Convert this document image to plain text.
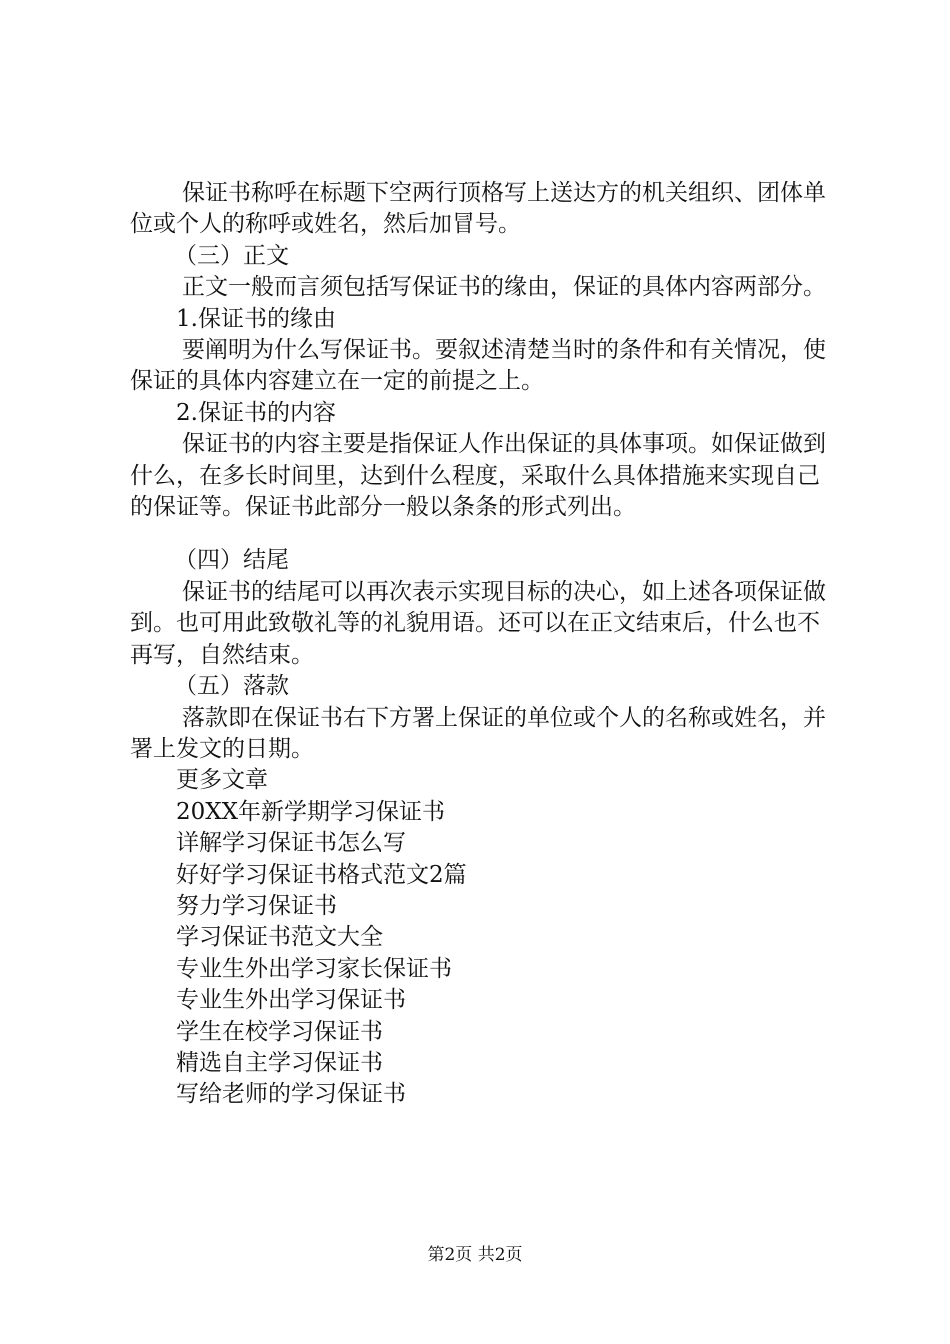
保证书称呼在标题下空两行顶格写上送达方的机关组织、团体单位或个人的称呼或姓名，然后加冒号。

（三）正文

正文一般而言须包括写保证书的缘由，保证的具体内容两部分。

1.保证书的缘由

要阐明为什么写保证书。要叙述清楚当时的条件和有关情况，使保证的具体内容建立在一定的前提之上。

2.保证书的内容

保证书的内容主要是指保证人作出保证的具体事项。如保证做到什么，在多长时间里，达到什么程度，采取什么具体措施来实现自己的保证等。保证书此部分一般以条条的形式列出。

（四）结尾

保证书的结尾可以再次表示实现目标的决心，如上述各项保证做到。也可用此致敬礼等的礼貌用语。还可以在正文结束后，什么也不再写，自然结束。

（五）落款

落款即在保证书右下方署上保证的单位或个人的名称或姓名，并署上发文的日期。

更多文章

20XX年新学期学习保证书

详解学习保证书怎么写

好好学习保证书格式范文2篇

努力学习保证书

学习保证书范文大全

专业生外出学习家长保证书

专业生外出学习保证书

学生在校学习保证书

精选自主学习保证书

写给老师的学习保证书

第2页 共2页
